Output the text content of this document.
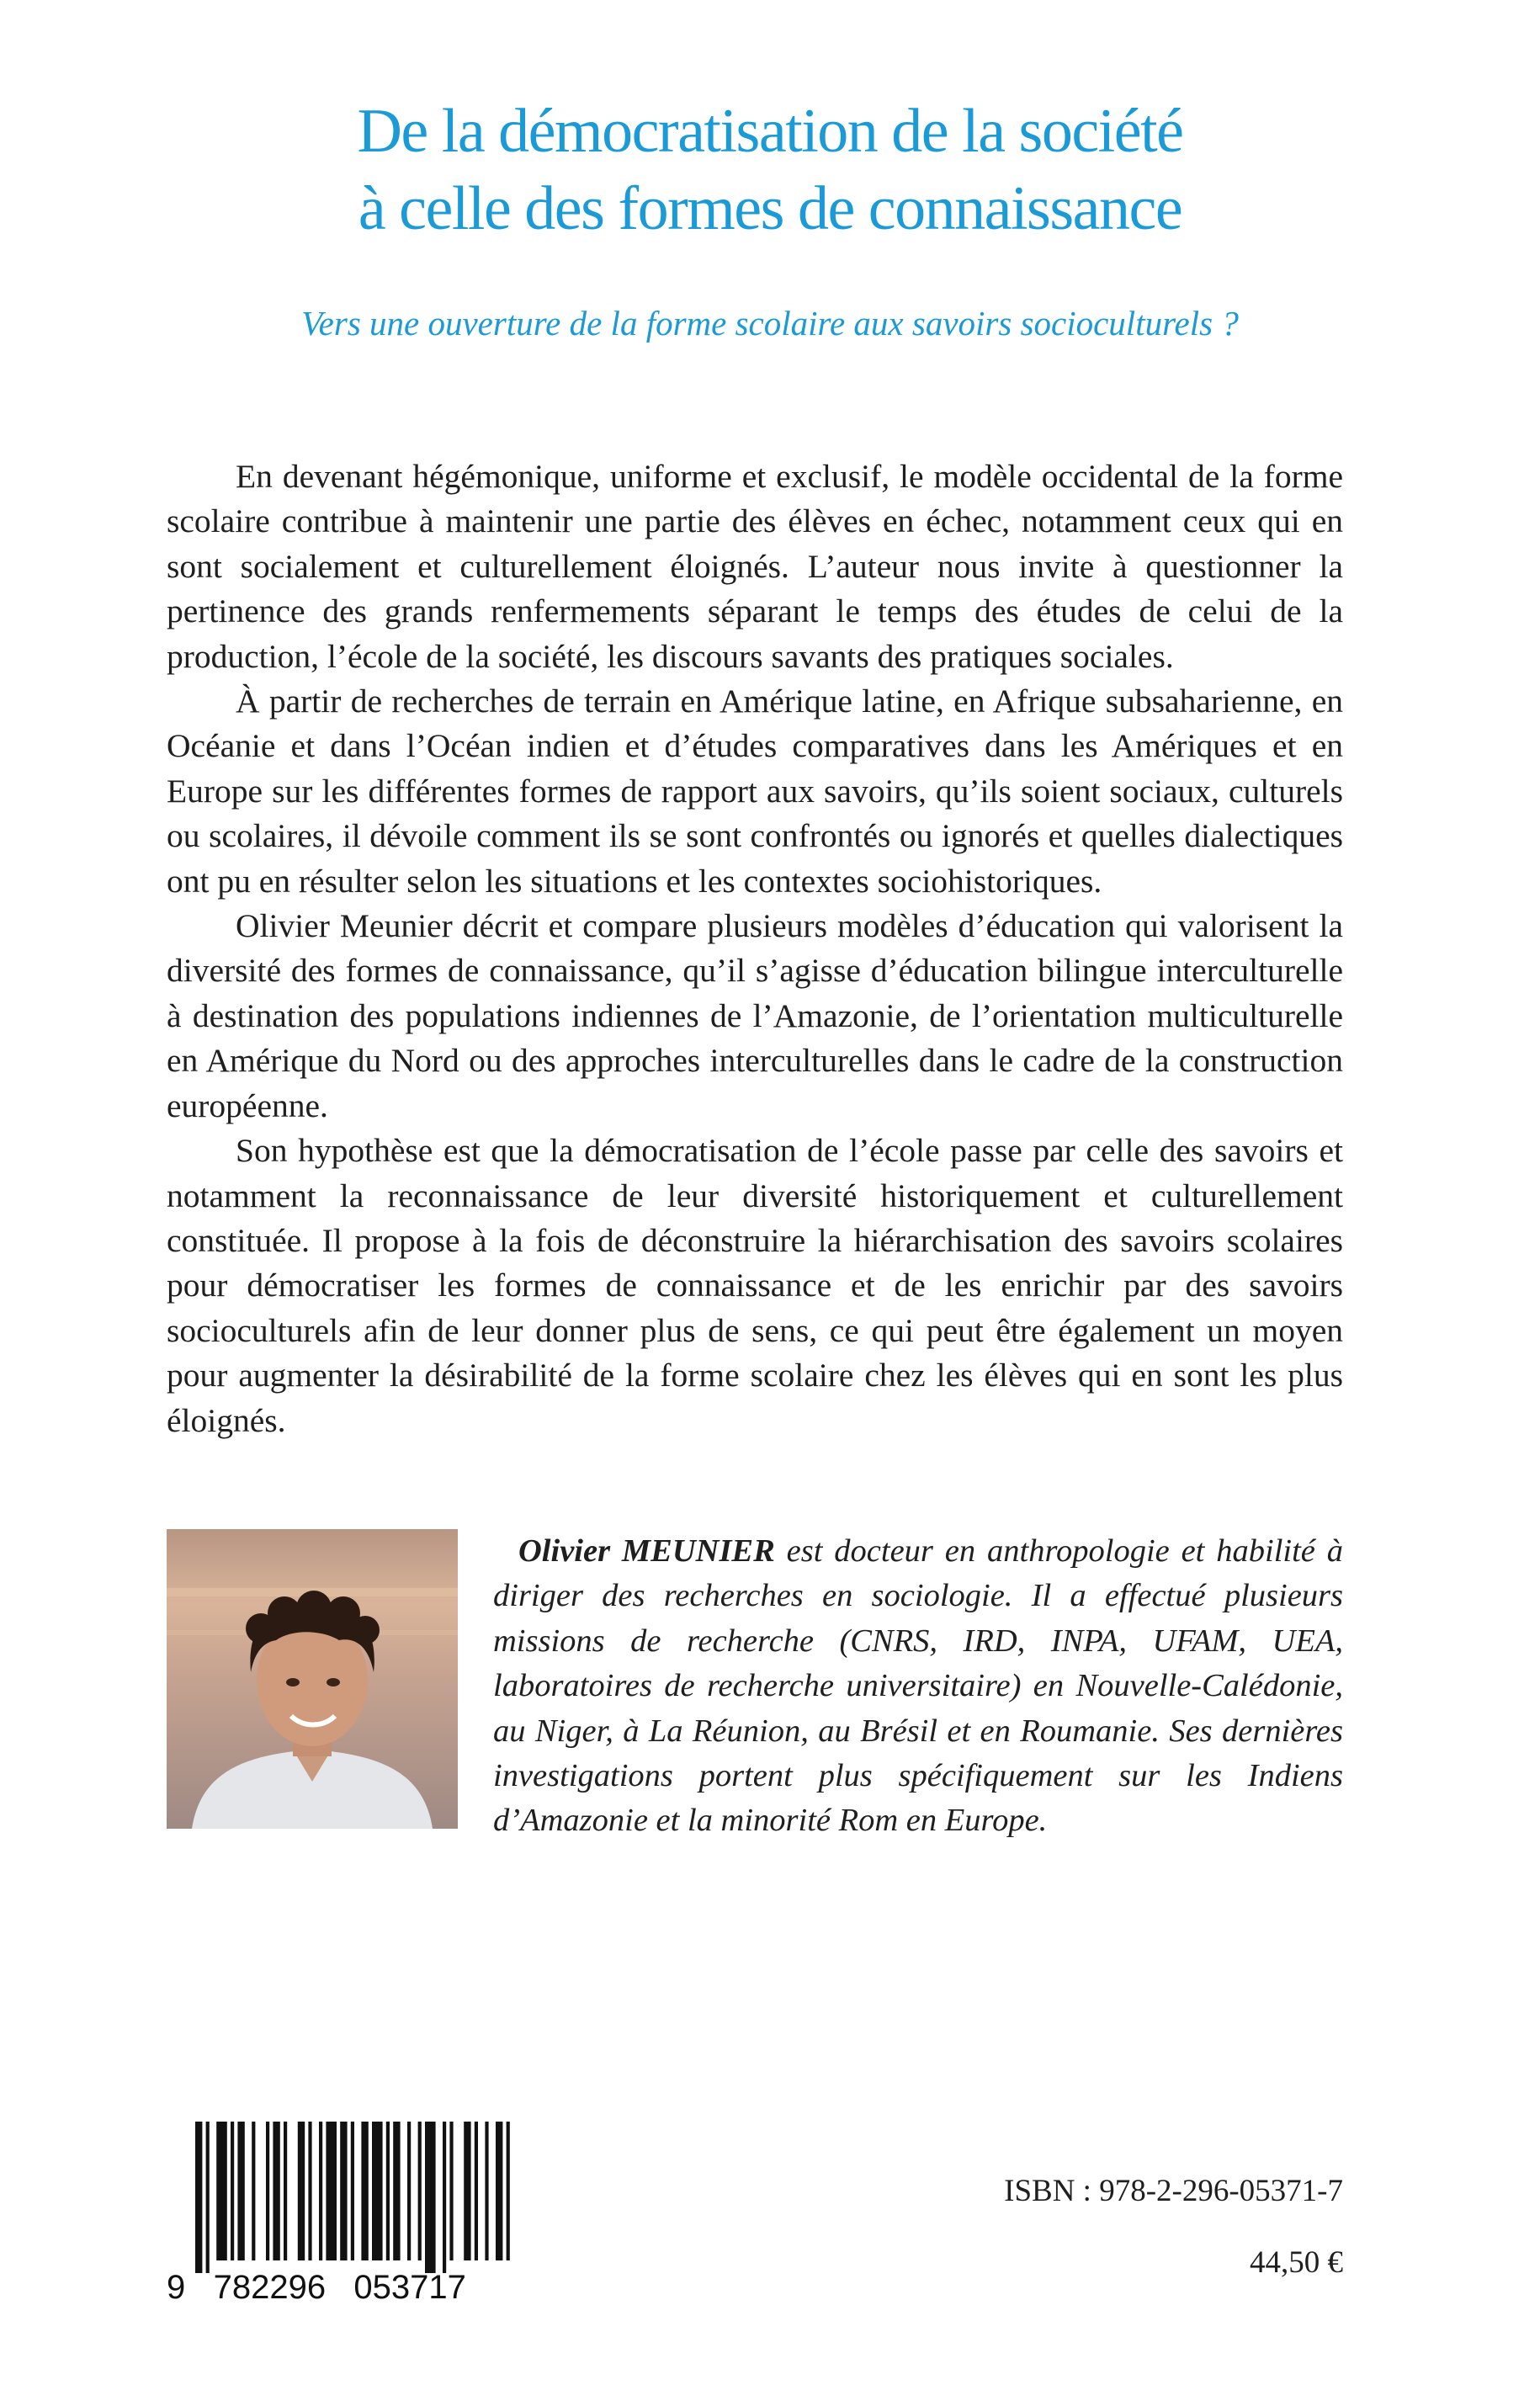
De la démocratisation de la société
à celle des formes de connaissance
Vers une ouverture de la forme scolaire aux savoirs socioculturels ?

En devenant hégémonique, uniforme et exclusif, le modèle occidental de la forme scolaire contribue à maintenir une partie des élèves en échec, notamment ceux qui en sont socialement et culturellement éloignés. L’auteur nous invite à questionner la pertinence des grands renfermements séparant le temps des études de celui de la production, l’école de la société, les discours savants des pratiques sociales.

À partir de recherches de terrain en Amérique latine, en Afrique subsaharienne, en Océanie et dans l’Océan indien et d’études comparatives dans les Amériques et en Europe sur les différentes formes de rapport aux savoirs, qu’ils soient sociaux, culturels ou scolaires, il dévoile comment ils se sont confrontés ou ignorés et quelles dialectiques ont pu en résulter selon les situations et les contextes sociohistoriques.

Olivier Meunier décrit et compare plusieurs modèles d’éducation qui valorisent la diversité des formes de connaissance, qu’il s’agisse d’éducation bilingue interculturelle à destination des populations indiennes de l’Amazonie, de l’orientation multiculturelle en Amérique du Nord ou des approches interculturelles dans le cadre de la construction européenne.

Son hypothèse est que la démocratisation de l’école passe par celle des savoirs et notamment la reconnaissance de leur diversité historiquement et culturellement constituée. Il propose à la fois de déconstruire la hiérarchisation des savoirs scolaires pour démocratiser les formes de connaissance et de les enrichir par des savoirs socioculturels afin de leur donner plus de sens, ce qui peut être également un moyen pour augmenter la désirabilité de la forme scolaire chez les élèves qui en sont les plus éloignés.

Olivier MEUNIER est docteur en anthropologie et habilité à diriger des recherches en sociologie. Il a effectué plusieurs missions de recherche (CNRS, IRD, INPA, UFAM, UEA, laboratoires de recherche universitaire) en Nouvelle-Calédonie, au Niger, à La Réunion, au Brésil et en Roumanie. Ses dernières investigations portent plus spécifiquement sur les Indiens d’Amazonie et la minorité Rom en Europe.
9   782296   053717
ISBN : 978-2-296-05371-7
44,50 €
